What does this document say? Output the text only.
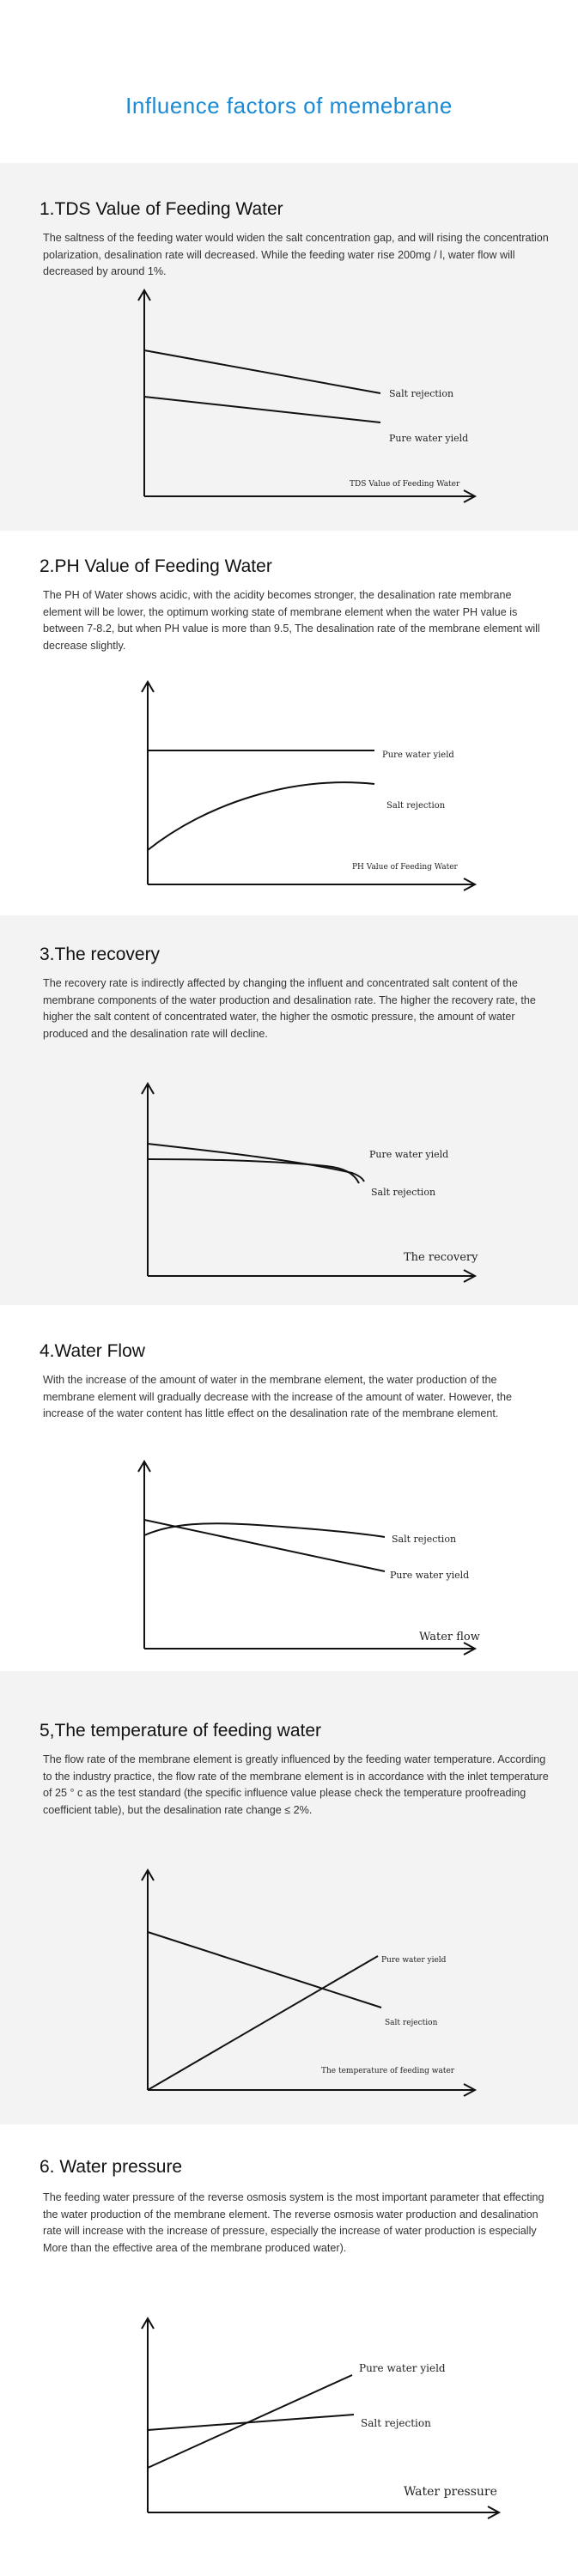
Influence factors of memebrane
1.TDS Value of Feeding Water
The saltness of the feeding water would widen the salt concentration gap, and will rising the concentration polarization, desalination rate will decreased. While the feeding water rise 200mg / l, water flow will decreased by around 1%.
Salt rejection
Pure water yield
TDS Value of Feeding Water
2.PH Value of Feeding Water
The PH of Water shows acidic, with the acidity becomes stronger, the desalination rate membrane element will be lower, the optimum working state of membrane element when the water PH value is between 7-8.2, but when PH value is more than 9.5, The desalination rate of the membrane element will decrease slightly.
Pure water yield
Salt rejection
PH Value of Feeding Water
3.The recovery
The recovery rate is indirectly affected by changing the influent and concentrated salt content of the membrane components of the water production and desalination rate. The higher the recovery rate, the higher the salt content of concentrated water, the higher the osmotic pressure, the amount of water produced and the desalination rate will decline.
Pure water yield
Salt rejection
The recovery
4.Water Flow
With the increase of the amount of water in the membrane element, the water production of the membrane element will gradually decrease with the increase of the amount of water. However, the increase of the water content has little effect on the desalination rate of the membrane element.
Salt rejection
Pure water yield
Water flow
5,The temperature of feeding water
The flow rate of the membrane element is greatly influenced by the feeding water temperature. According to the industry practice, the flow rate of the membrane element is in accordance with the inlet temperature of 25 ° c as the test standard (the specific influence value please check the temperature proofreading coefficient table), but the desalination rate change ≤ 2%.
Pure water yield
Salt rejection
The temperature of feeding water
6. Water pressure
The feeding water pressure of the reverse osmosis system is the most important parameter that effecting the water production of the membrane element. The reverse osmosis water production and desalination rate will increase with the increase of pressure, especially the increase of water production is especially More than the effective area of the membrane produced water).
Pure water yield
Salt rejection
Water pressure
